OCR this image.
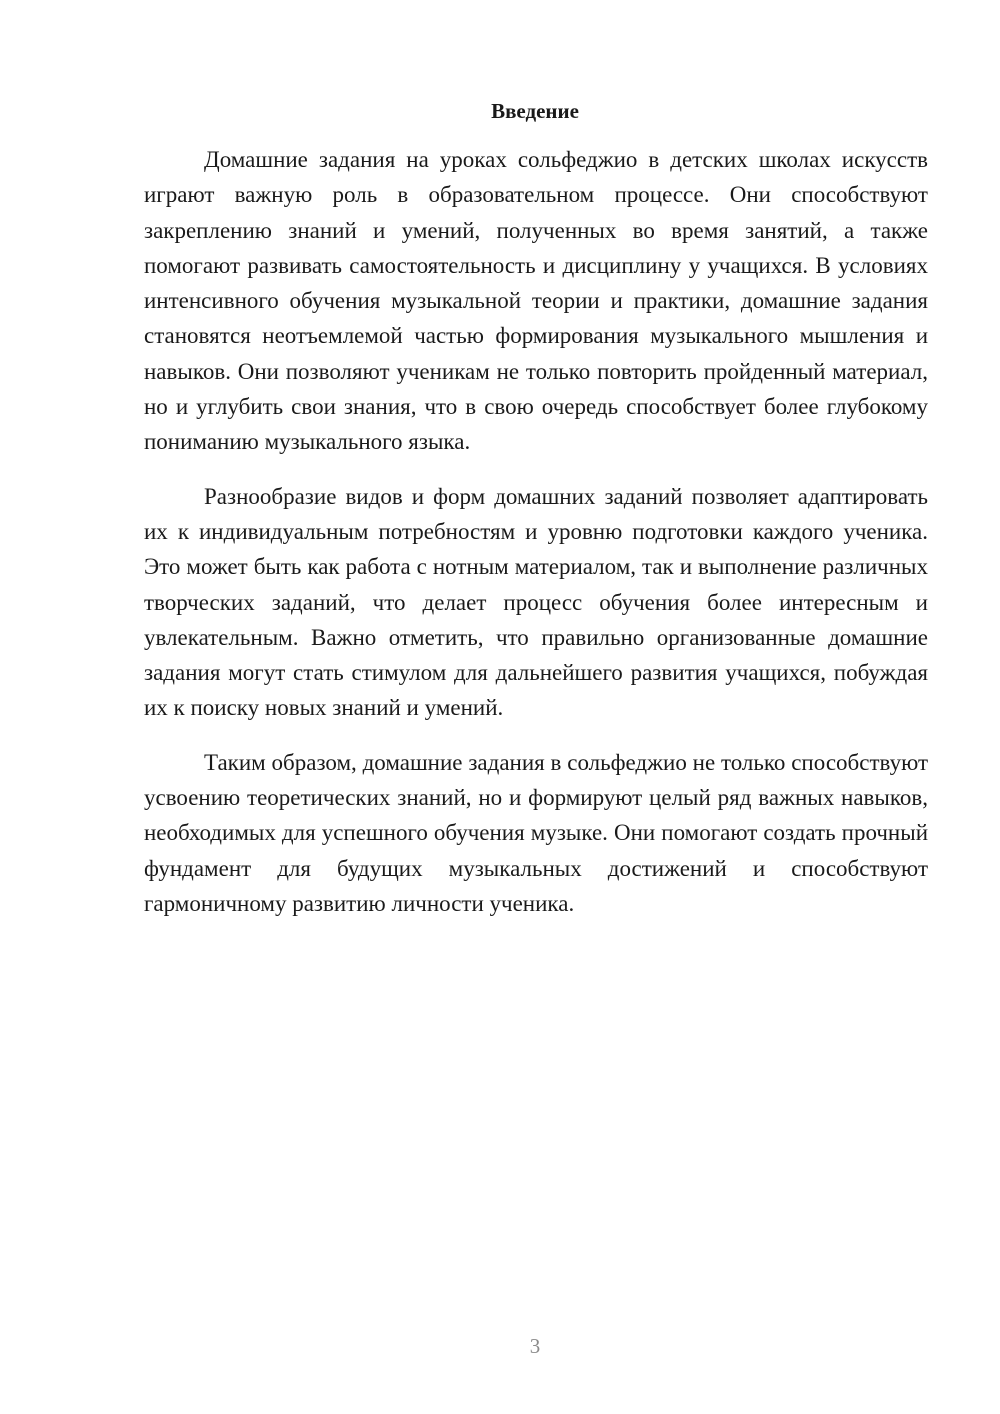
Введение

Домашние задания на уроках сольфеджио в детских школах искусств играют важную роль в образовательном процессе. Они способствуют закреплению знаний и умений, полученных во время занятий, а также помогают развивать самостоятельность и дисциплину у учащихся. В условиях интенсивного обучения музыкальной теории и практики, домашние задания становятся неотъемлемой частью формирования музыкального мышления и навыков. Они позволяют ученикам не только повторить пройденный материал, но и углубить свои знания, что в свою очередь способствует более глубокому пониманию музыкального языка.

Разнообразие видов и форм домашних заданий позволяет адаптировать их к индивидуальным потребностям и уровню подготовки каждого ученика. Это может быть как работа с нотным материалом, так и выполнение различных творческих заданий, что делает процесс обучения более интересным и увлекательным. Важно отметить, что правильно организованные домашние задания могут стать стимулом для дальнейшего развития учащихся, побуждая их к поиску новых знаний и умений.

Таким образом, домашние задания в сольфеджио не только способствуют усвоению теоретических знаний, но и формируют целый ряд важных навыков, необходимых для успешного обучения музыке. Они помогают создать прочный фундамент для будущих музыкальных достижений и способствуют гармоничному развитию личности ученика.

3
